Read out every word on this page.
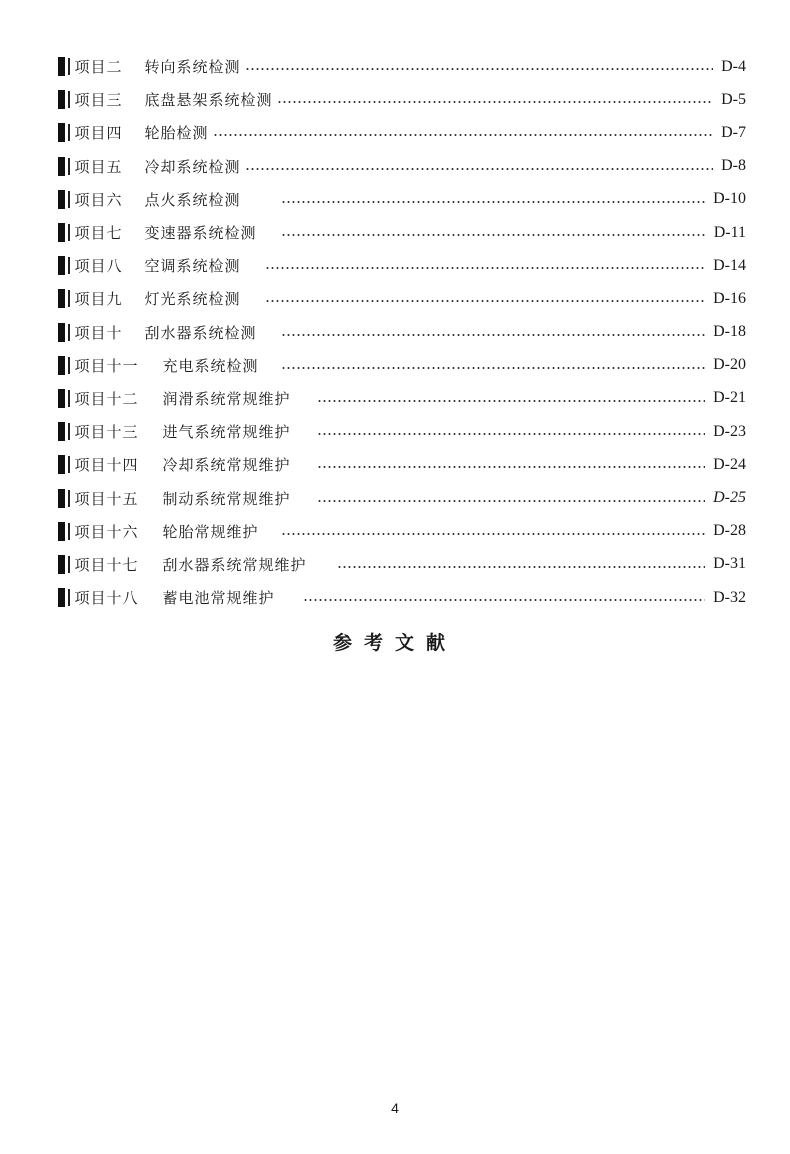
项目二	转向系统检测	D-4
项目三	底盘悬架系统检测	D-5
项目四	轮胎检测	D-7
项目五	冷却系统检测	D-8
项目六	点火系统检测	D-10
项目七	变速器系统检测	D-11
项目八	空调系统检测	D-14
项目九	灯光系统检测	D-16
项目十	刮水器系统检测	D-18
项目十一	充电系统检测	D-20
项目十二	润滑系统常规维护	D-21
项目十三	进气系统常规维护	D-23
项目十四	冷却系统常规维护	D-24
项目十五	制动系统常规维护	D-25
项目十六	轮胎常规维护	D-28
项目十七	刮水器系统常规维护	D-31
项目十八	蓄电池常规维护	D-32
参考文献
4
